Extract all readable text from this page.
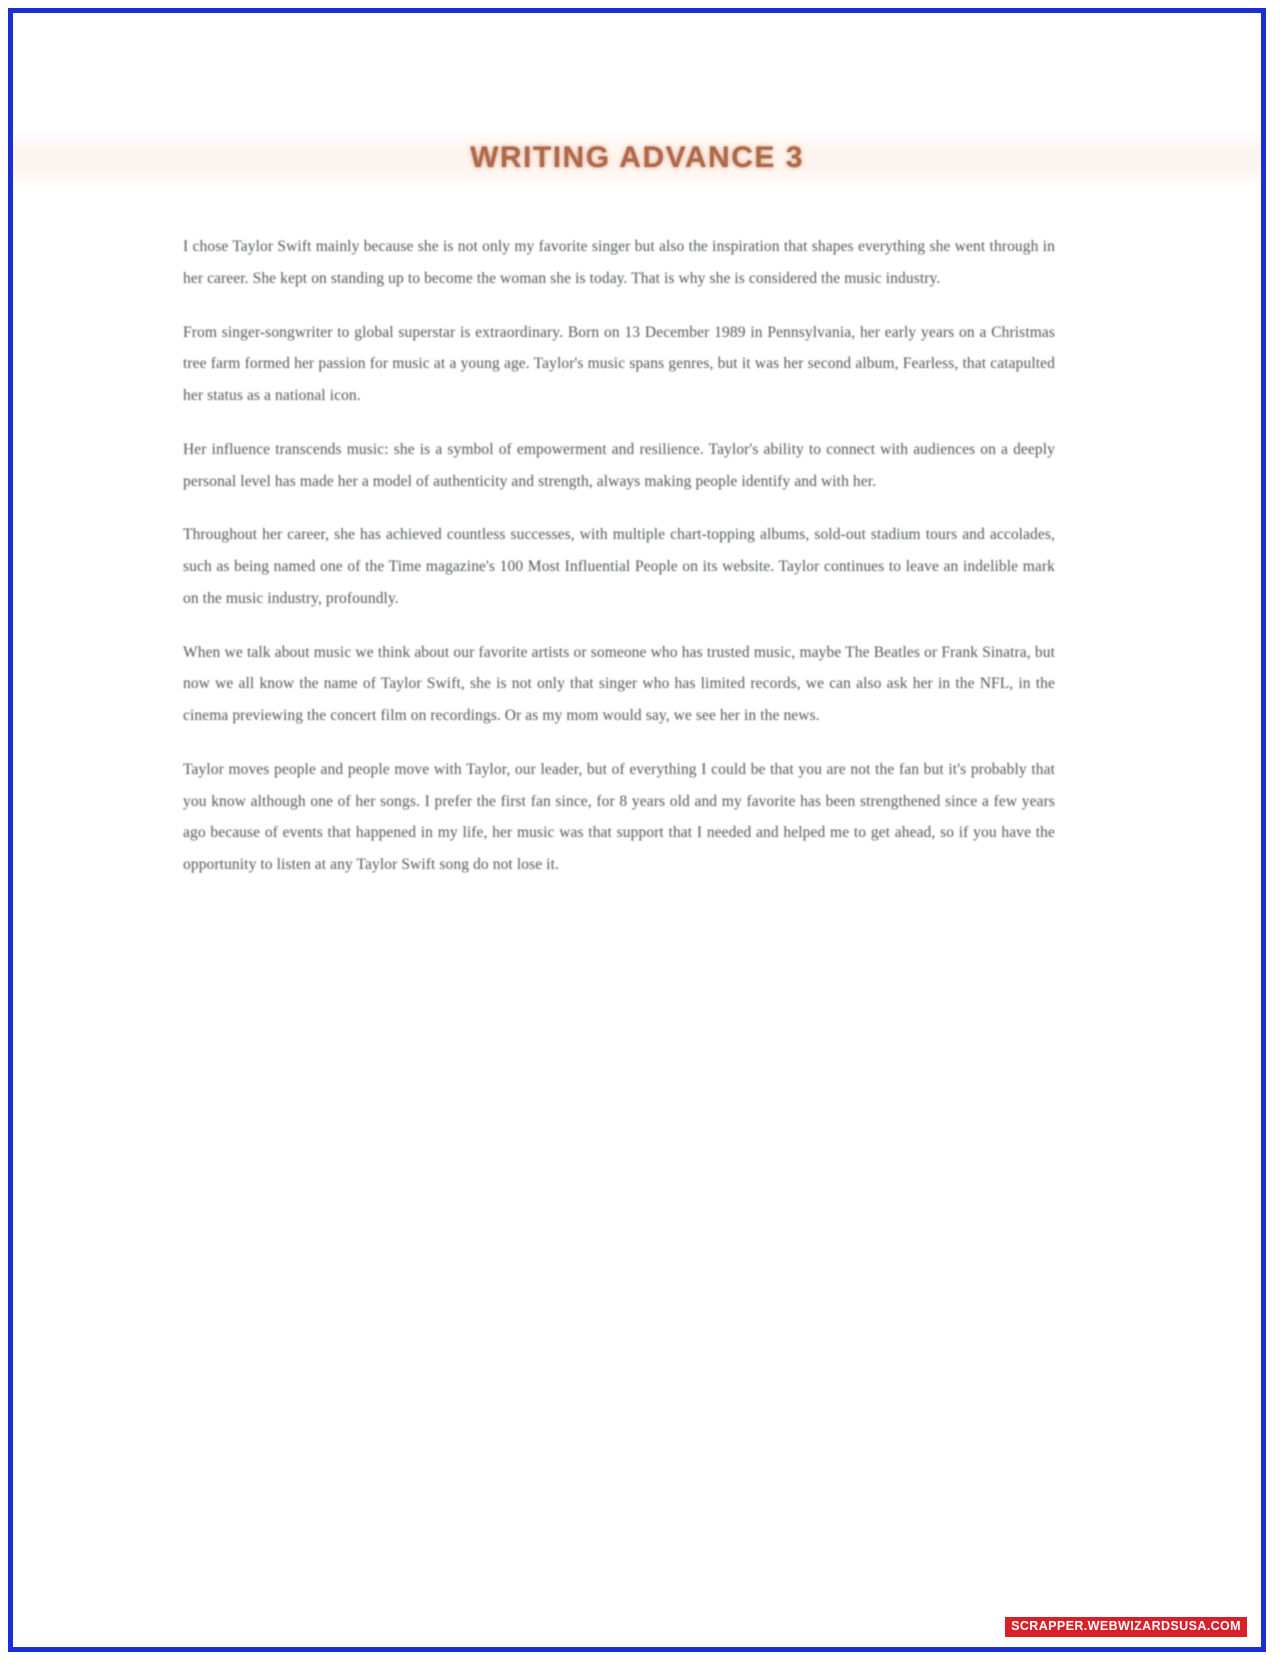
WRITING ADVANCE 3

I chose Taylor Swift mainly because she is not only my favorite singer but also the inspiration that shapes everything she went through in her career. She kept on standing up to become the woman she is today. That is why she is considered the music industry.

From singer-songwriter to global superstar is extraordinary. Born on 13 December 1989 in Pennsylvania, her early years on a Christmas tree farm formed her passion for music at a young age. Taylor's music spans genres, but it was her second album, Fearless, that catapulted her status as a national icon.

Her influence transcends music: she is a symbol of empowerment and resilience. Taylor's ability to connect with audiences on a deeply personal level has made her a model of authenticity and strength, always making people identify and with her.

Throughout her career, she has achieved countless successes, with multiple chart-topping albums, sold-out stadium tours and accolades, such as being named one of the Time magazine's 100 Most Influential People on its website. Taylor continues to leave an indelible mark on the music industry, profoundly.

When we talk about music we think about our favorite artists or someone who has trusted music, maybe The Beatles or Frank Sinatra, but now we all know the name of Taylor Swift, she is not only that singer who has limited records, we can also ask her in the NFL, in the cinema previewing the concert film on recordings. Or as my mom would say, we see her in the news.

Taylor moves people and people move with Taylor, our leader, but of everything I could be that you are not the fan but it's probably that you know although one of her songs. I prefer the first fan since, for 8 years old and my favorite has been strengthened since a few years ago because of events that happened in my life, her music was that support that I needed and helped me to get ahead, so if you have the opportunity to listen at any Taylor Swift song do not lose it.

SCRAPPER.WEBWIZARDSUSA.COM
